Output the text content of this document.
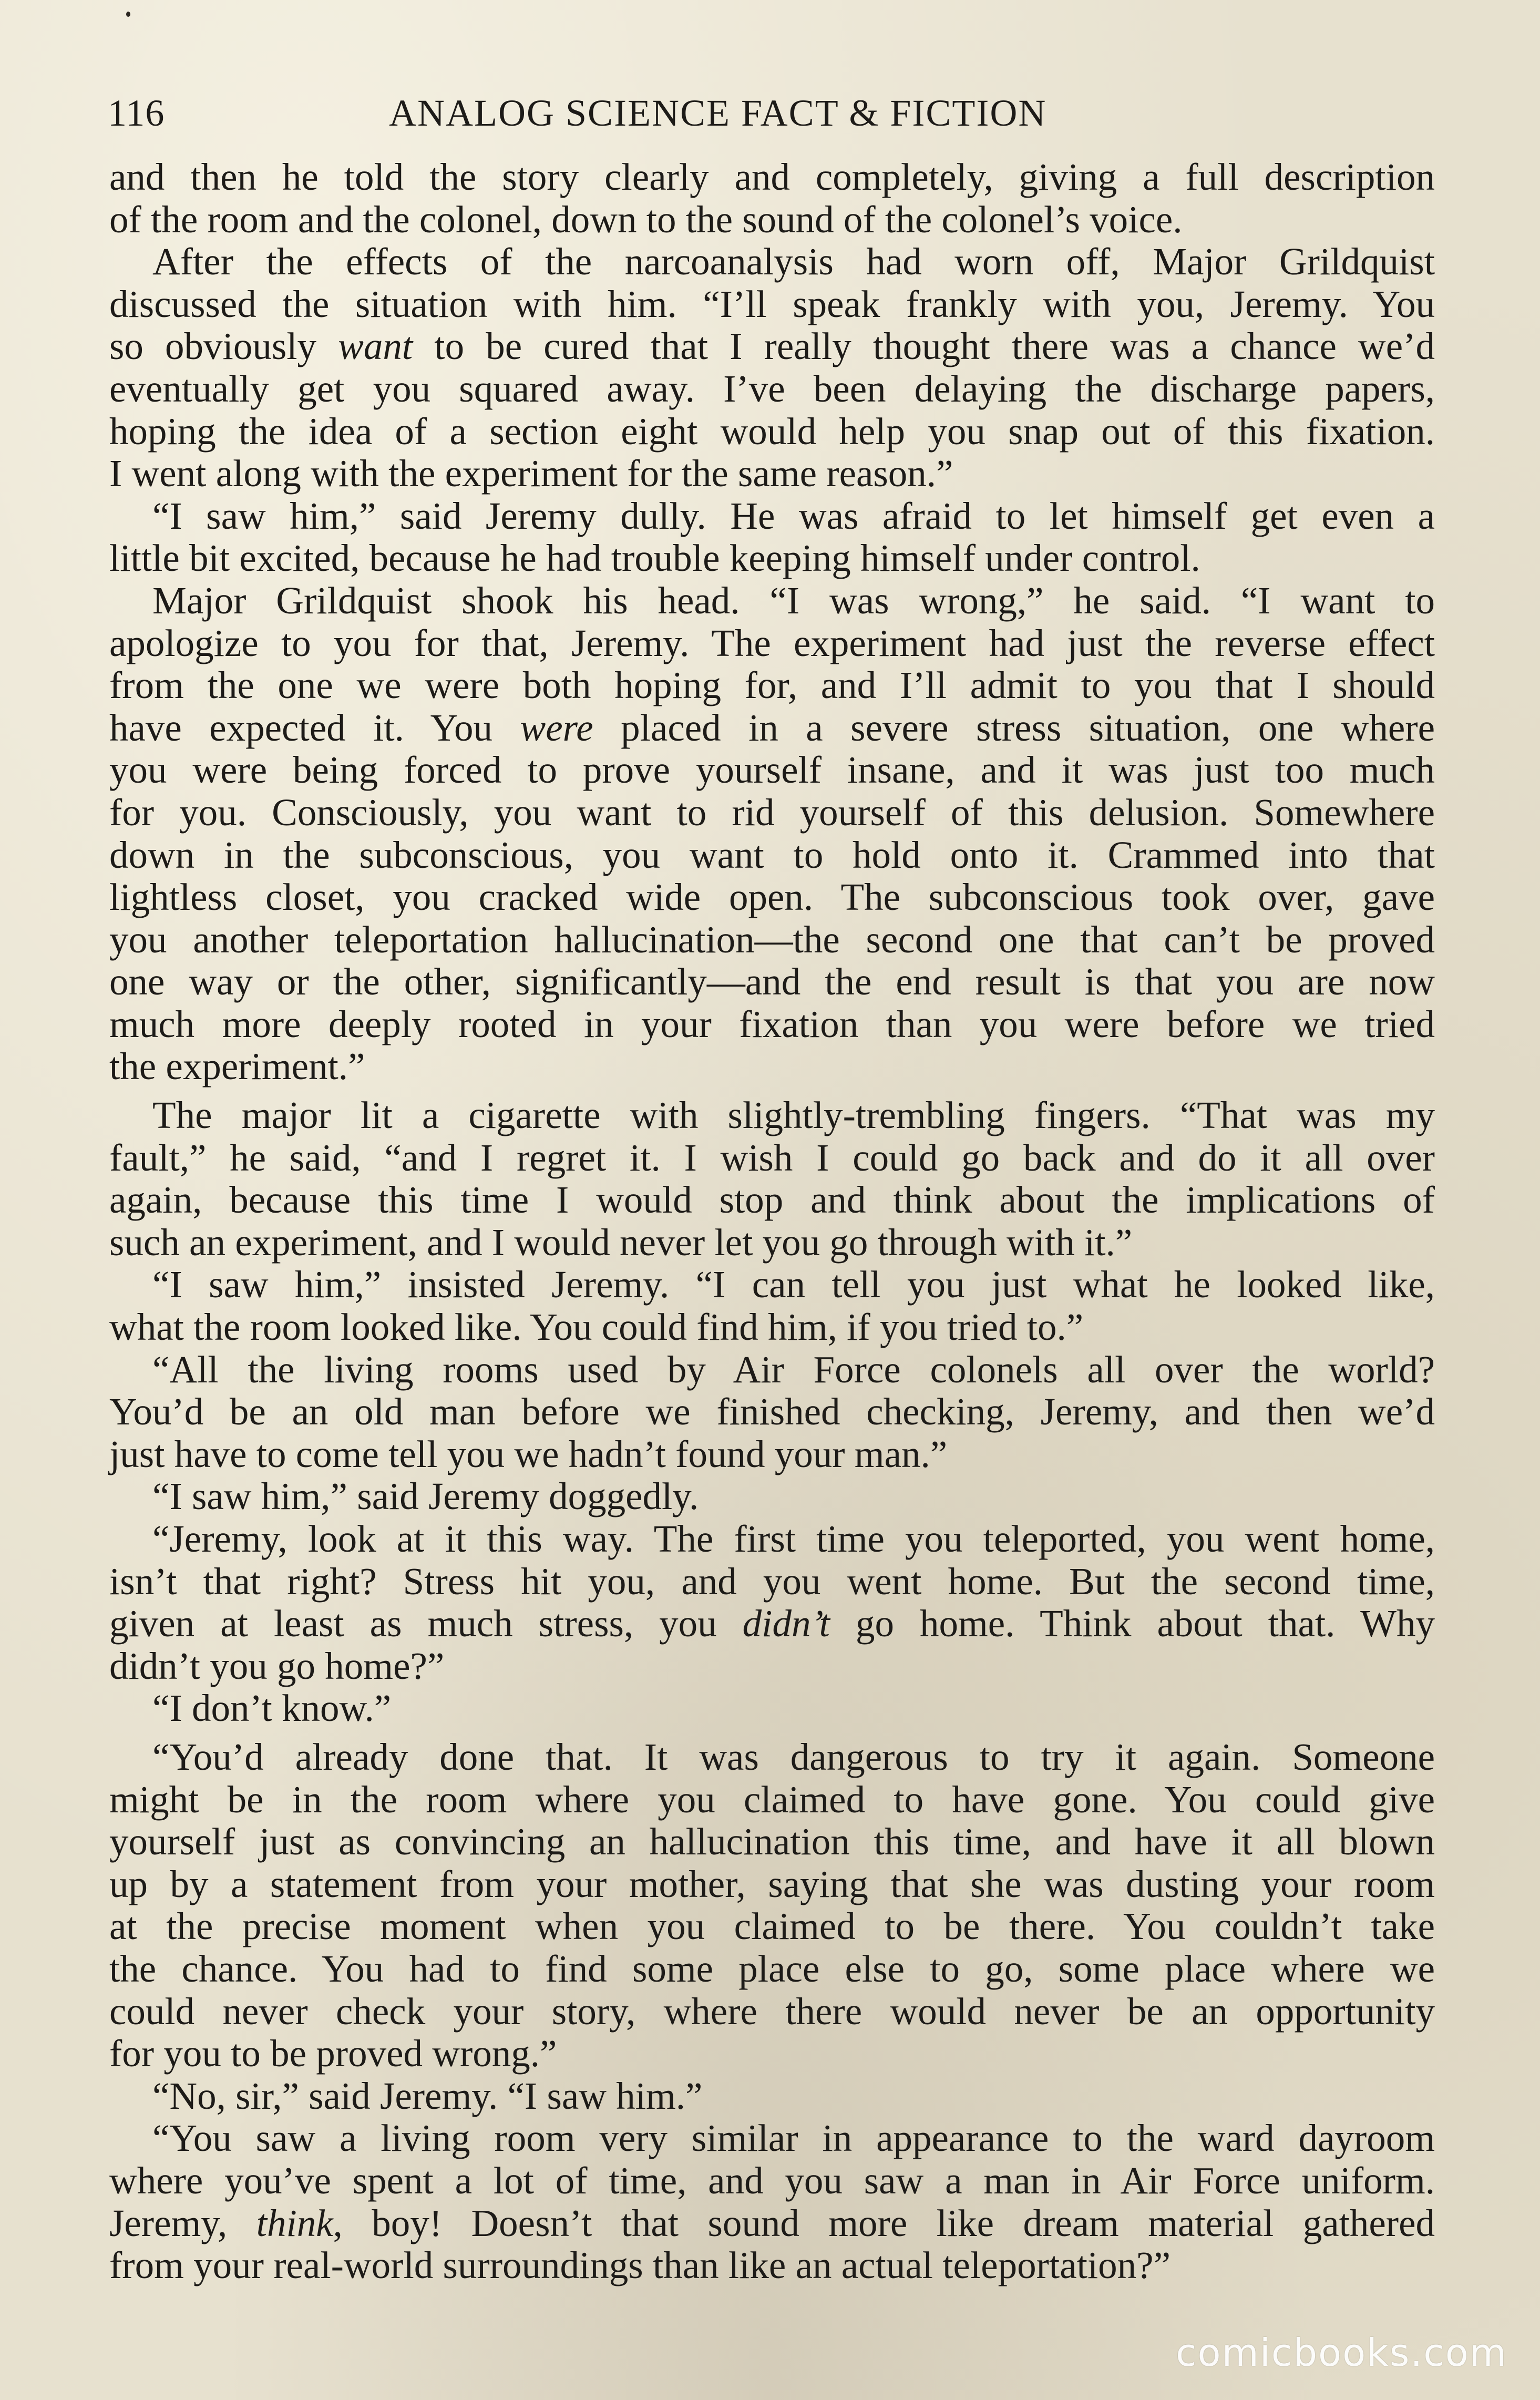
116	ANALOG SCIENCE FACT & FICTION
and then he told the story clearly and completely, giving a full description
of the room and the colonel, down to the sound of the colonel’s voice.
After the effects of the narcoanalysis had worn off, Major Grildquist
discussed the situation with him. “I’ll speak frankly with you, Jeremy. You
so obviously want to be cured that I really thought there was a chance we’d
eventually get you squared away. I’ve been delaying the discharge papers,
hoping the idea of a section eight would help you snap out of this fixation.
I went along with the experiment for the same reason.”
“I saw him,” said Jeremy dully. He was afraid to let himself get even a
little bit excited, because he had trouble keeping himself under control.
Major Grildquist shook his head. “I was wrong,” he said. “I want to
apologize to you for that, Jeremy. The experiment had just the reverse effect
from the one we were both hoping for, and I’ll admit to you that I should
have expected it. You were placed in a severe stress situation, one where
you were being forced to prove yourself insane, and it was just too much
for you. Consciously, you want to rid yourself of this delusion. Somewhere
down in the subconscious, you want to hold onto it. Crammed into that
lightless closet, you cracked wide open. The subconscious took over, gave
you another teleportation hallucination—the second one that can’t be proved
one way or the other, significantly—and the end result is that you are now
much more deeply rooted in your fixation than you were before we tried
the experiment.”
The major lit a cigarette with slightly-trembling fingers. “That was my
fault,” he said, “and I regret it. I wish I could go back and do it all over
again, because this time I would stop and think about the implications of
such an experiment, and I would never let you go through with it.”
“I saw him,” insisted Jeremy. “I can tell you just what he looked like,
what the room looked like. You could find him, if you tried to.”
“All the living rooms used by Air Force colonels all over the world?
You’d be an old man before we finished checking, Jeremy, and then we’d
just have to come tell you we hadn’t found your man.”
“I saw him,” said Jeremy doggedly.
“Jeremy, look at it this way. The first time you teleported, you went home,
isn’t that right? Stress hit you, and you went home. But the second time,
given at least as much stress, you didn’t go home. Think about that. Why
didn’t you go home?”
“I don’t know.”
“You’d already done that. It was dangerous to try it again. Someone
might be in the room where you claimed to have gone. You could give
yourself just as convincing an hallucination this time, and have it all blown
up by a statement from your mother, saying that she was dusting your room
at the precise moment when you claimed to be there. You couldn’t take
the chance. You had to find some place else to go, some place where we
could never check your story, where there would never be an opportunity
for you to be proved wrong.”
“No, sir,” said Jeremy. “I saw him.”
“You saw a living room very similar in appearance to the ward dayroom
where you’ve spent a lot of time, and you saw a man in Air Force uniform.
Jeremy, think, boy! Doesn’t that sound more like dream material gathered
from your real-world surroundings than like an actual teleportation?”
comicbooks.com
